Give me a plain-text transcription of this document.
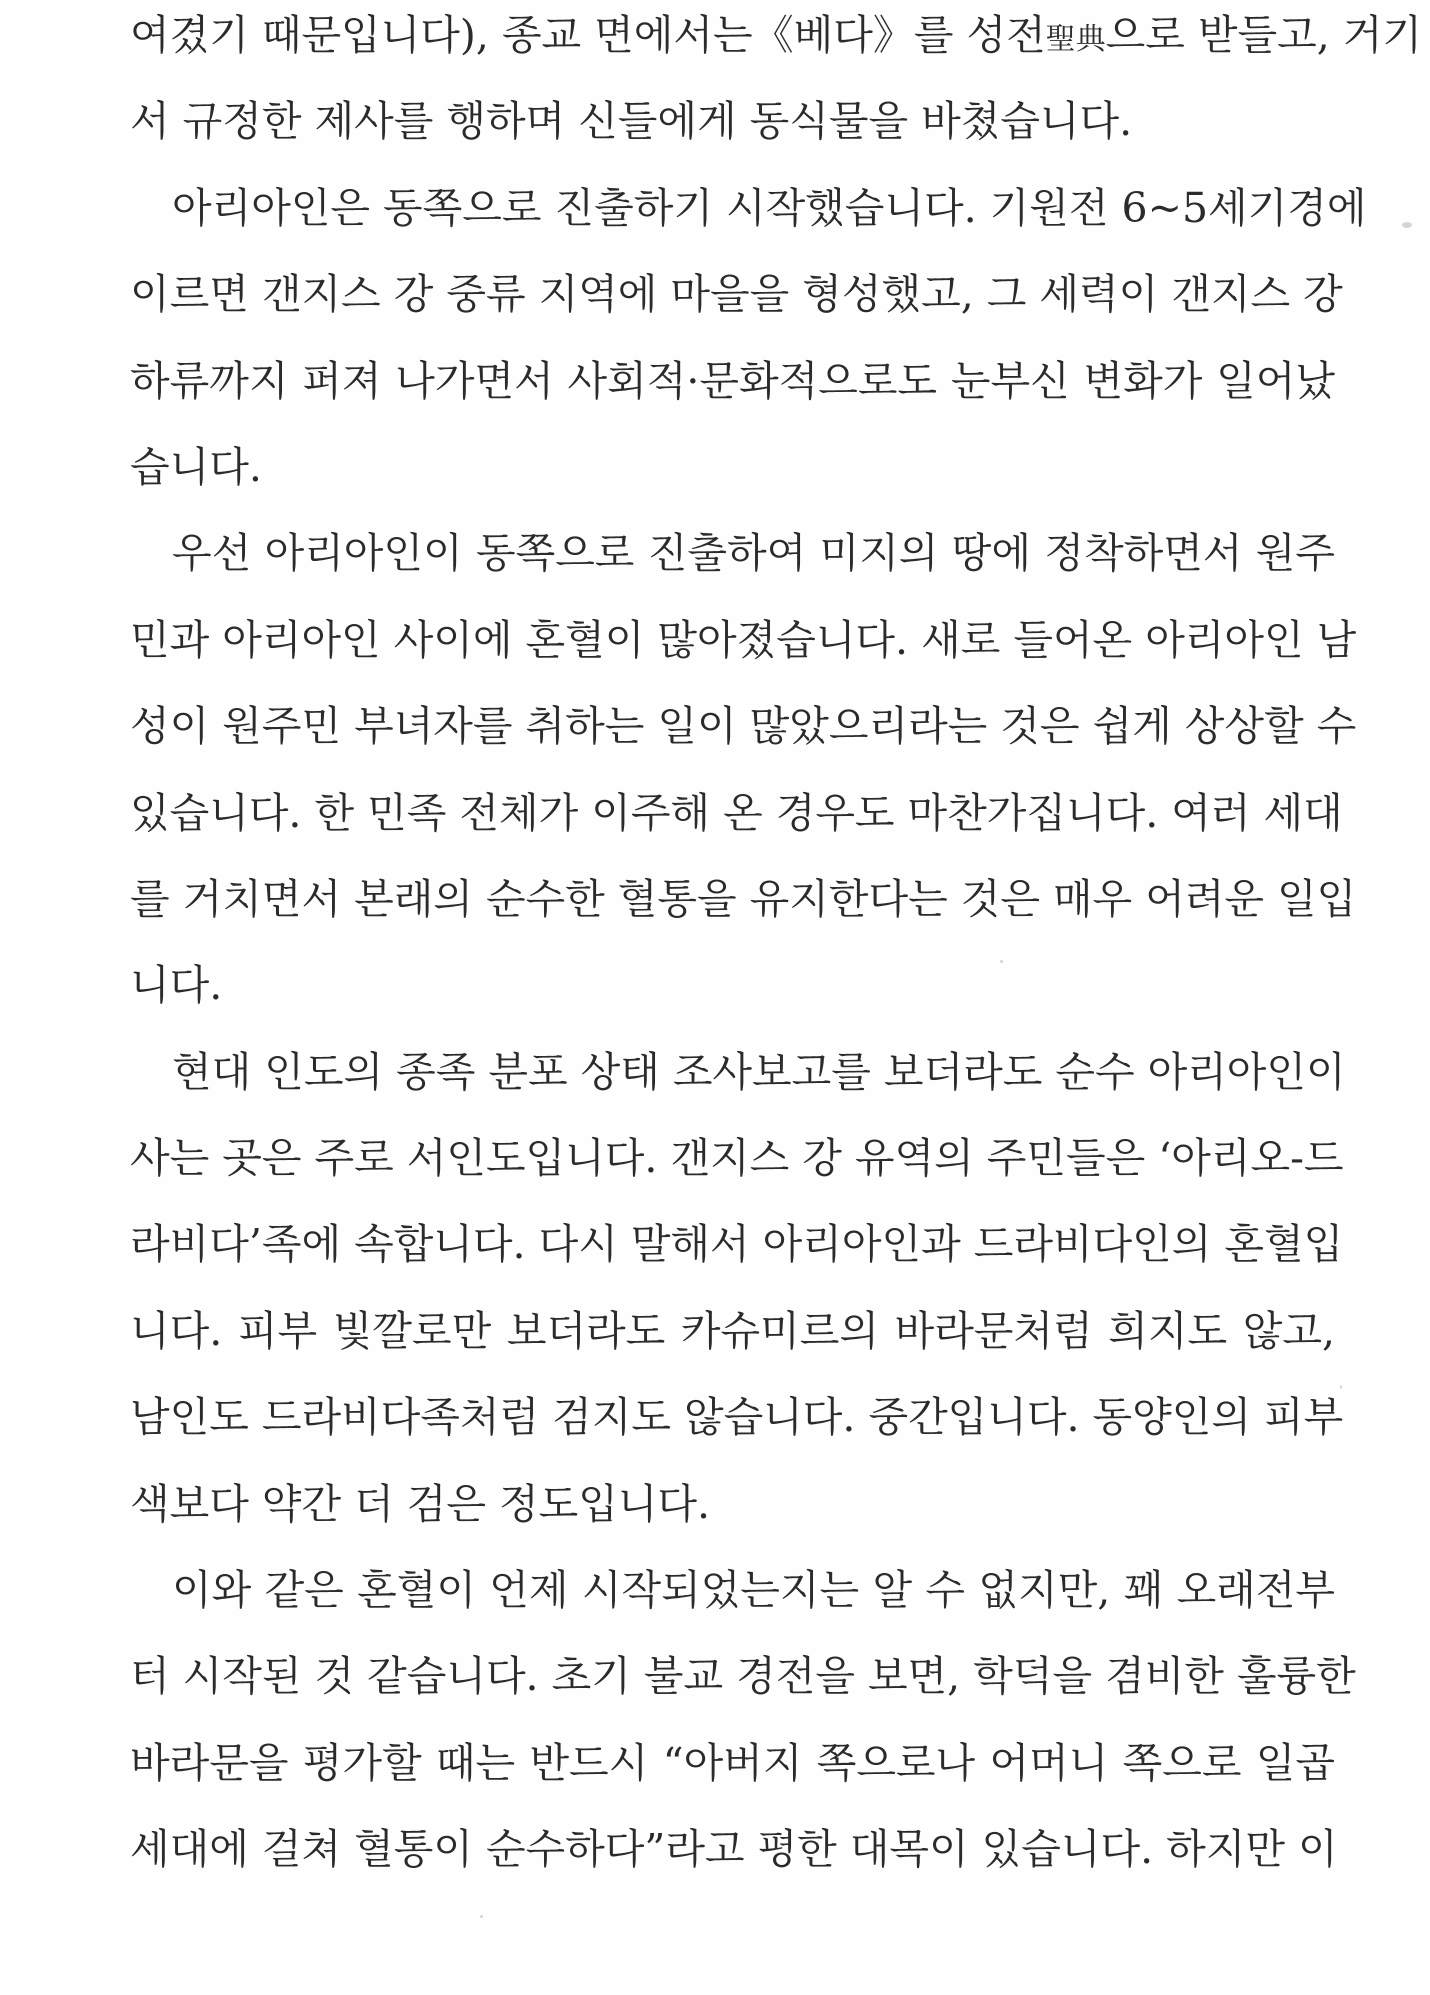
여겼기 때문입니다), 종교 면에서는《베다》를 성전聖典으로 받들고, 거기
서 규정한 제사를 행하며 신들에게 동식물을 바쳤습니다.
아리아인은 동쪽으로 진출하기 시작했습니다. 기원전 6~5세기경에
이르면 갠지스 강 중류 지역에 마을을 형성했고, 그 세력이 갠지스 강
하류까지 퍼져 나가면서 사회적·문화적으로도 눈부신 변화가 일어났
습니다.
우선 아리아인이 동쪽으로 진출하여 미지의 땅에 정착하면서 원주
민과 아리아인 사이에 혼혈이 많아졌습니다. 새로 들어온 아리아인 남
성이 원주민 부녀자를 취하는 일이 많았으리라는 것은 쉽게 상상할 수
있습니다. 한 민족 전체가 이주해 온 경우도 마찬가집니다. 여러 세대
를 거치면서 본래의 순수한 혈통을 유지한다는 것은 매우 어려운 일입
니다.
현대 인도의 종족 분포 상태 조사보고를 보더라도 순수 아리아인이
사는 곳은 주로 서인도입니다. 갠지스 강 유역의 주민들은 ‘아리오-드
라비다’족에 속합니다. 다시 말해서 아리아인과 드라비다인의 혼혈입
니다. 피부 빛깔로만 보더라도 카슈미르의 바라문처럼 희지도 않고,
남인도 드라비다족처럼 검지도 않습니다. 중간입니다. 동양인의 피부
색보다 약간 더 검은 정도입니다.
이와 같은 혼혈이 언제 시작되었는지는 알 수 없지만, 꽤 오래전부
터 시작된 것 같습니다. 초기 불교 경전을 보면, 학덕을 겸비한 훌륭한
바라문을 평가할 때는 반드시 “아버지 쪽으로나 어머니 쪽으로 일곱
세대에 걸쳐 혈통이 순수하다”라고 평한 대목이 있습니다. 하지만 이
